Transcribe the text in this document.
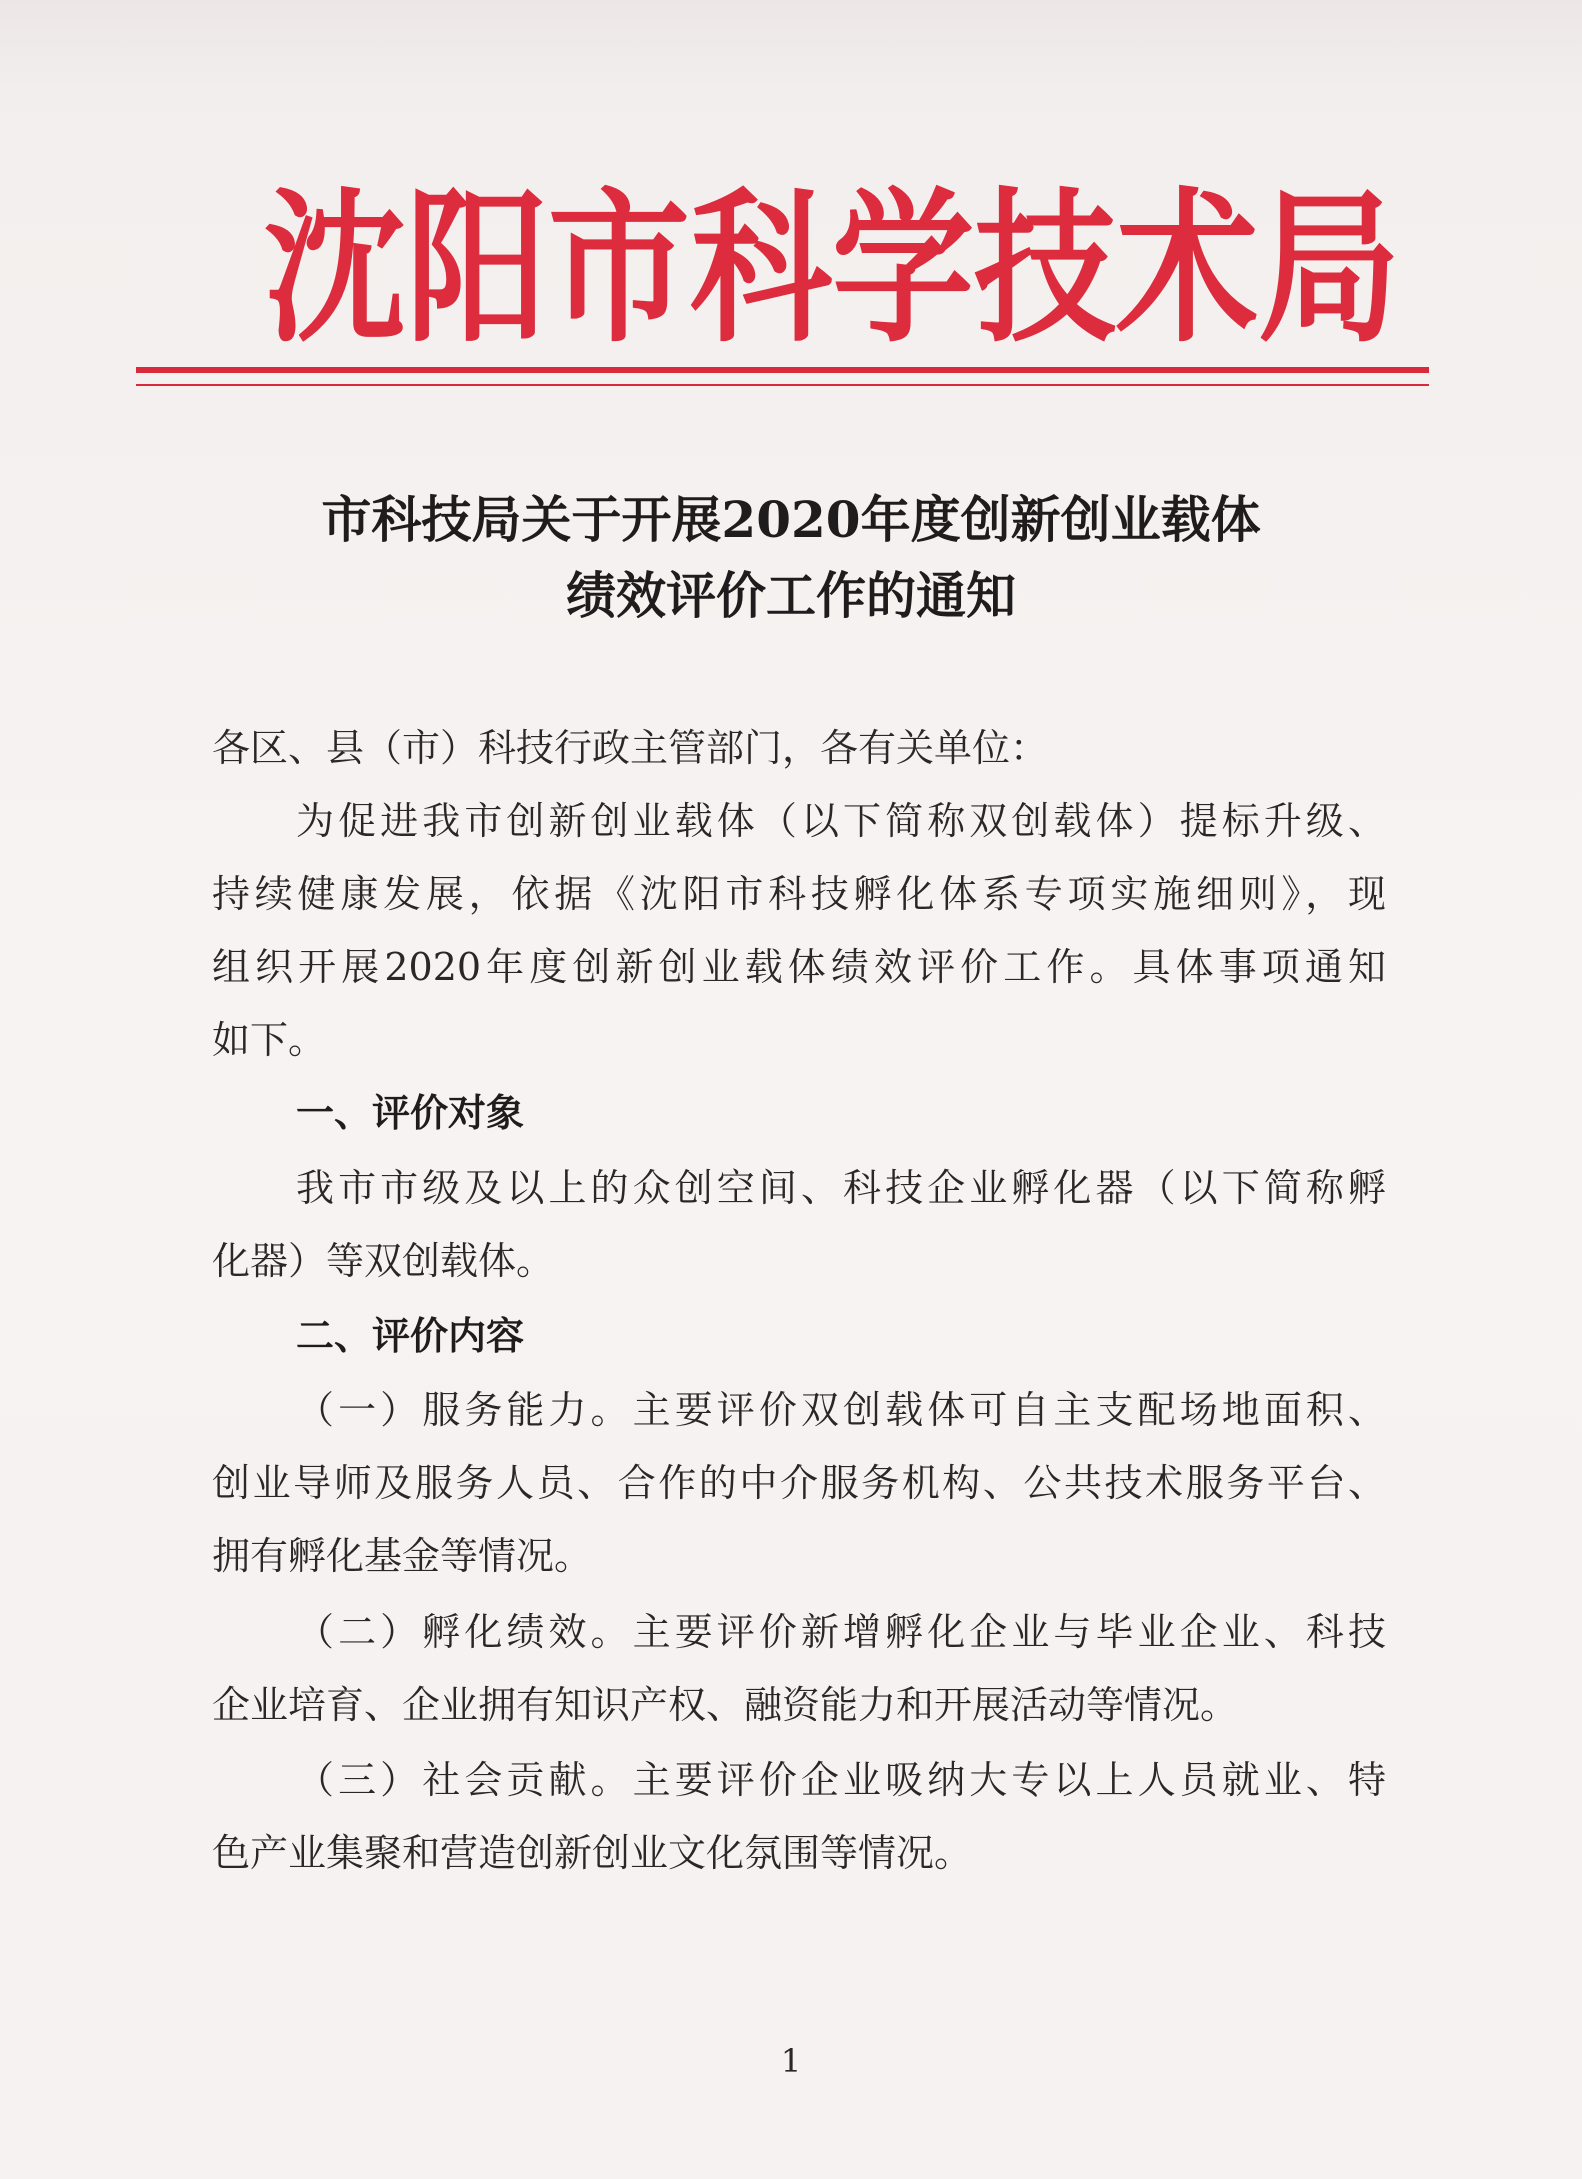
沈 阳 市 科 学 技 术 局
市科技局关于开展2020年度创新创业载体
绩效评价工作的通知
各区、县（市）科技行政主管部门，各有关单位：
为促进我市创新创业载体（以下简称双创载体）提标升级、
持续健康发展，依据《沈阳市科技孵化体系专项实施细则》，现
组织开展2020年度创新创业载体绩效评价工作。具体事项通知
如下。
一、评价对象
我市市级及以上的众创空间、科技企业孵化器（以下简称孵
化器）等双创载体。
二、评价内容
（一）服务能力。主要评价双创载体可自主支配场地面积、
创业导师及服务人员、合作的中介服务机构、公共技术服务平台、
拥有孵化基金等情况。
（二）孵化绩效。主要评价新增孵化企业与毕业企业、科技
企业培育、企业拥有知识产权、融资能力和开展活动等情况。
（三）社会贡献。主要评价企业吸纳大专以上人员就业、特
色产业集聚和营造创新创业文化氛围等情况。
1
